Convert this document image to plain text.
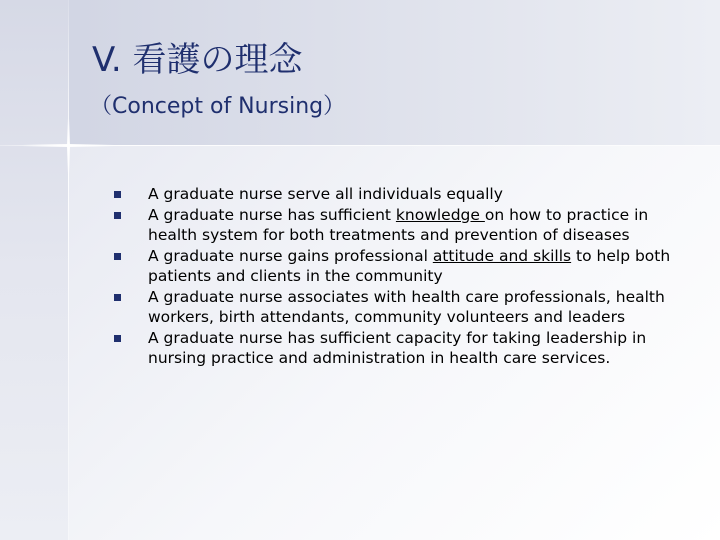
V. 看護の理念
（Concept of Nursing）
A graduate nurse serve all individuals equally
A graduate nurse has sufficient knowledge on how to practice in health system for both treatments and prevention of diseases
A graduate nurse gains professional attitude and skills to help both patients and clients in the community
A graduate nurse associates with health care professionals, health workers, birth attendants, community volunteers and leaders
A graduate nurse has sufficient capacity for taking leadership in nursing practice and administration in health care services.
